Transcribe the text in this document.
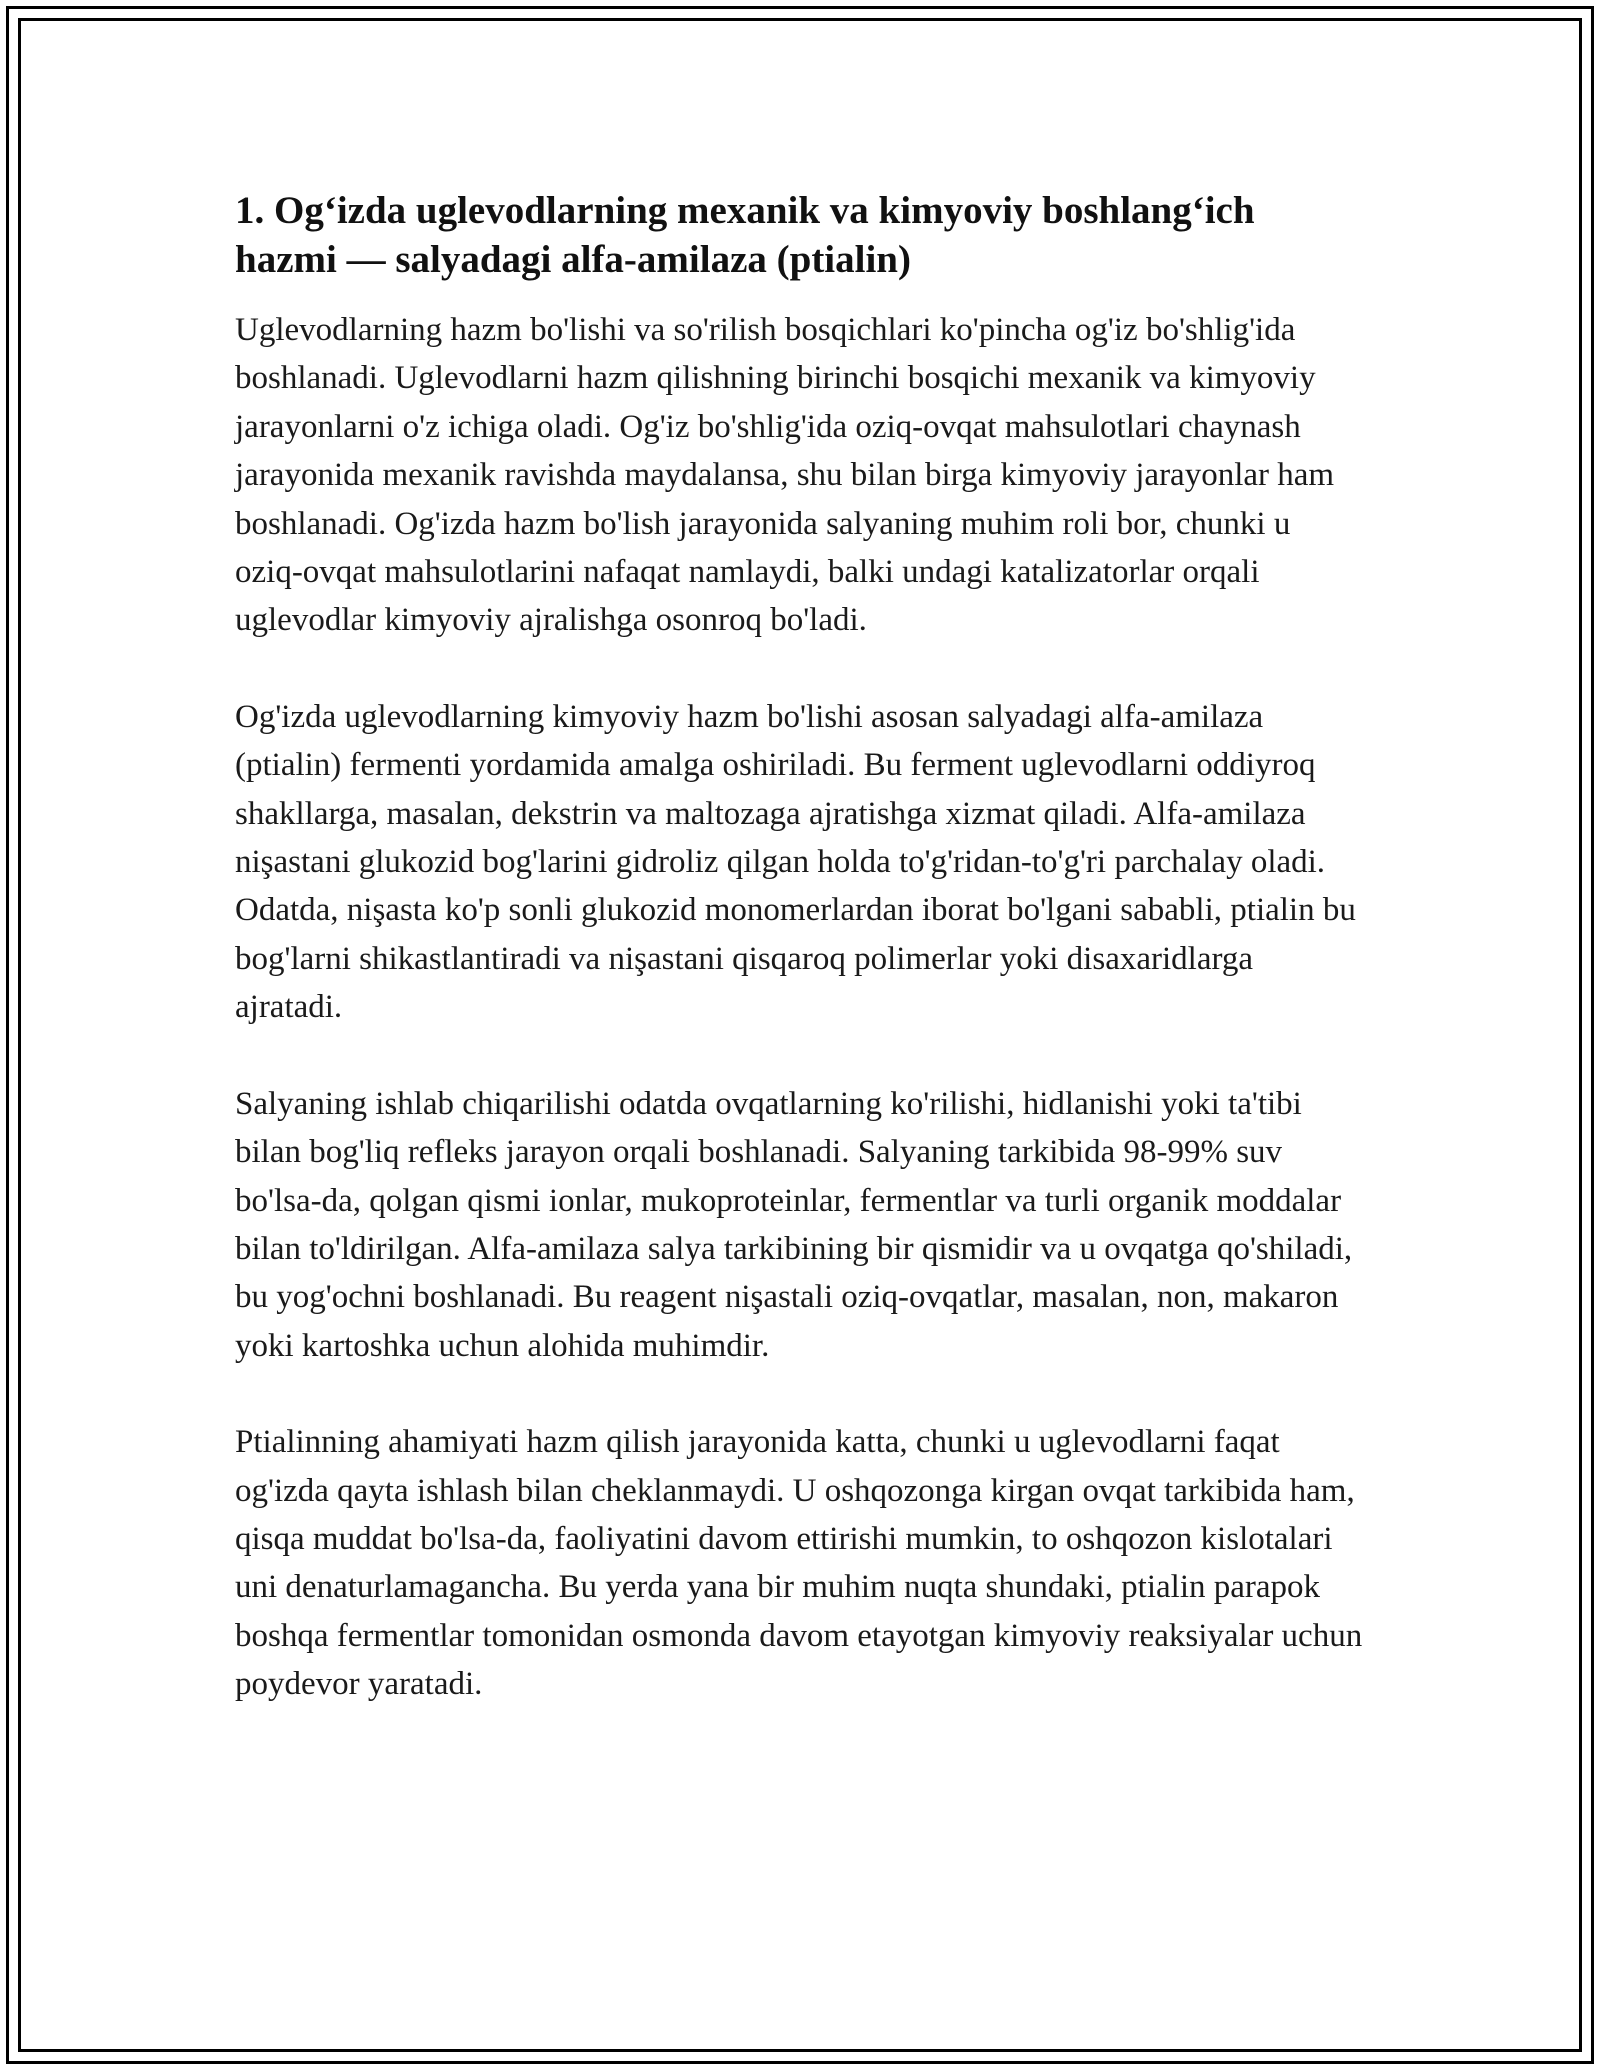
1. Og‘izda uglevodlarning mexanik va kimyoviy boshlang‘ich hazmi — salyadagi alfa-amilaza (ptialin)

Uglevodlarning hazm bo'lishi va so'rilish bosqichlari ko'pincha og'iz bo'shlig'ida boshlanadi. Uglevodlarni hazm qilishning birinchi bosqichi mexanik va kimyoviy jarayonlarni o'z ichiga oladi. Og'iz bo'shlig'ida oziq-ovqat mahsulotlari chaynash jarayonida mexanik ravishda maydalansa, shu bilan birga kimyoviy jarayonlar ham boshlanadi. Og'izda hazm bo'lish jarayonida salyaning muhim roli bor, chunki u oziq-ovqat mahsulotlarini nafaqat namlaydi, balki undagi katalizatorlar orqali uglevodlar kimyoviy ajralishga osonroq bo'ladi.

Og'izda uglevodlarning kimyoviy hazm bo'lishi asosan salyadagi alfa-amilaza (ptialin) fermenti yordamida amalga oshiriladi. Bu ferment uglevodlarni oddiyroq shakllarga, masalan, dekstrin va maltozaga ajratishga xizmat qiladi. Alfa-amilaza nişastani glukozid bog'larini gidroliz qilgan holda to'g'ridan-to'g'ri parchalay oladi. Odatda, nişasta ko'p sonli glukozid monomerlardan iborat bo'lgani sababli, ptialin bu bog'larni shikastlantiradi va nişastani qisqaroq polimerlar yoki disaxaridlarga ajratadi.

Salyaning ishlab chiqarilishi odatda ovqatlarning ko'rilishi, hidlanishi yoki ta'tibi bilan bog'liq refleks jarayon orqali boshlanadi. Salyaning tarkibida 98-99% suv bo'lsa-da, qolgan qismi ionlar, mukoproteinlar, fermentlar va turli organik moddalar bilan to'ldirilgan. Alfa-amilaza salya tarkibining bir qismidir va u ovqatga qo'shiladi, bu yog'ochni boshlanadi. Bu reagent nişastali oziq-ovqatlar, masalan, non, makaron yoki kartoshka uchun alohida muhimdir.

Ptialinning ahamiyati hazm qilish jarayonida katta, chunki u uglevodlarni faqat og'izda qayta ishlash bilan cheklanmaydi. U oshqozonga kirgan ovqat tarkibida ham, qisqa muddat bo'lsa-da, faoliyatini davom ettirishi mumkin, to oshqozon kislotalari uni denaturlamaganchа. Bu yerda yana bir muhim nuqta shundaki, ptialin parapok boshqa fermentlar tomonidan osmonda davom etayotgan kimyoviy reaksiyalar uchun poydevor yaratadi.
